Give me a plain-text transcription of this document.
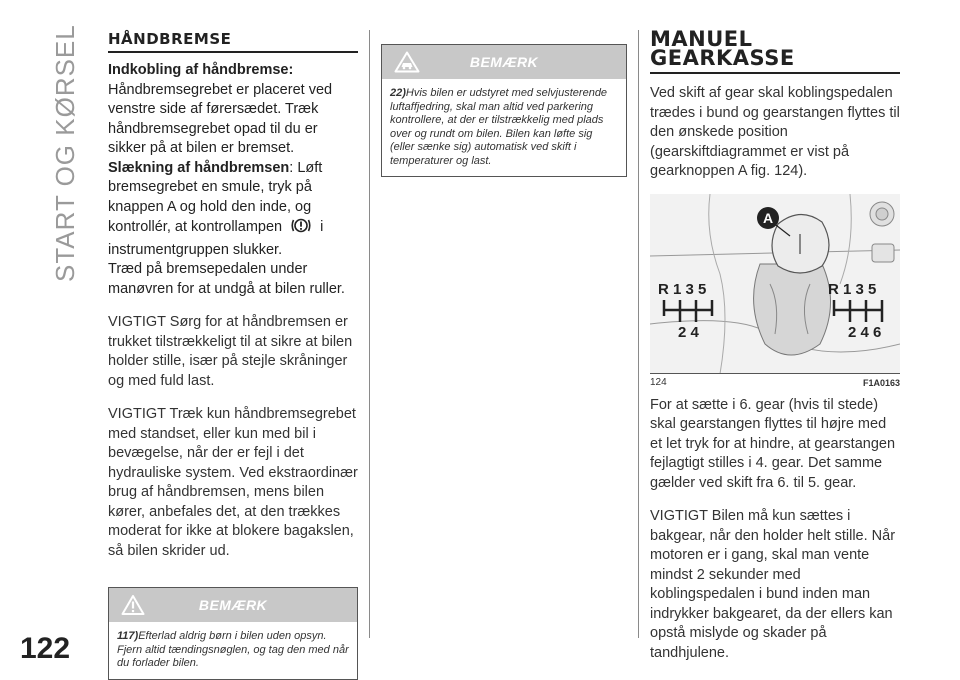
START OG KØRSEL
122
HÅNDBREMSE

Indkobling af håndbremse:
Håndbremsegrebet er placeret ved venstre side af førersædet. Træk håndbremsegrebet opad til du er sikker på at bilen er bremset.
Slækning af håndbremsen: Løft bremsegrebet en smule, tryk på knappen A og hold den inde, og kontrollér, at kontrollampen	i instrumentgruppen slukker.
Træd på bremsepedalen under manøvren for at undgå at bilen ruller.

VIGTIGT Sørg for at håndbremsen er trukket tilstrækkeligt til at sikre at bilen holder stille, især på stejle skråninger og med fuld last.

VIGTIGT Træk kun håndbremsegrebet med standset, eller kun med bil i bevægelse, når der er fejl i det hydrauliske system. Ved ekstraordinær brug af håndbremsen, mens bilen kører, anbefales det, at den trækkes moderat for ikke at blokere bagakslen, så bilen skrider ud.

BEMÆRK
117)Efterlad aldrig børn i bilen uden opsyn. Fjern altid tændingsnøglen, og tag den med når du forlader bilen.
BEMÆRK
22)Hvis bilen er udstyret med selvjusterende luftaffjedring, skal man altid ved parkering kontrollere, at der er tilstrækkelig med plads over og rundt om bilen. Bilen kan løfte sig (eller sænke sig) automatisk ved skift i temperaturer og last.
MANUEL
GEARKASSE

Ved skift af gear skal koblingspedalen trædes i bund og gearstangen flyttes til den ønskede position (gearskiftdiagrammet er vist på gearknoppen A fig. 124).

A
R 1 3 5
2 4
R 1 3 5
2 4 6
124	F1A0163

For at sætte i 6. gear (hvis til stede) skal gearstangen flyttes til højre med et let tryk for at hindre, at gearstangen fejlagtigt stilles i 4. gear. Det samme gælder ved skift fra 6. til 5. gear.

VIGTIGT Bilen må kun sættes i bakgear, når den holder helt stille. Når motoren er i gang, skal man vente mindst 2 sekunder med koblingspedalen i bund inden man indrykker bakgearet, da der ellers kan opstå mislyde og skader på tandhjulene.
